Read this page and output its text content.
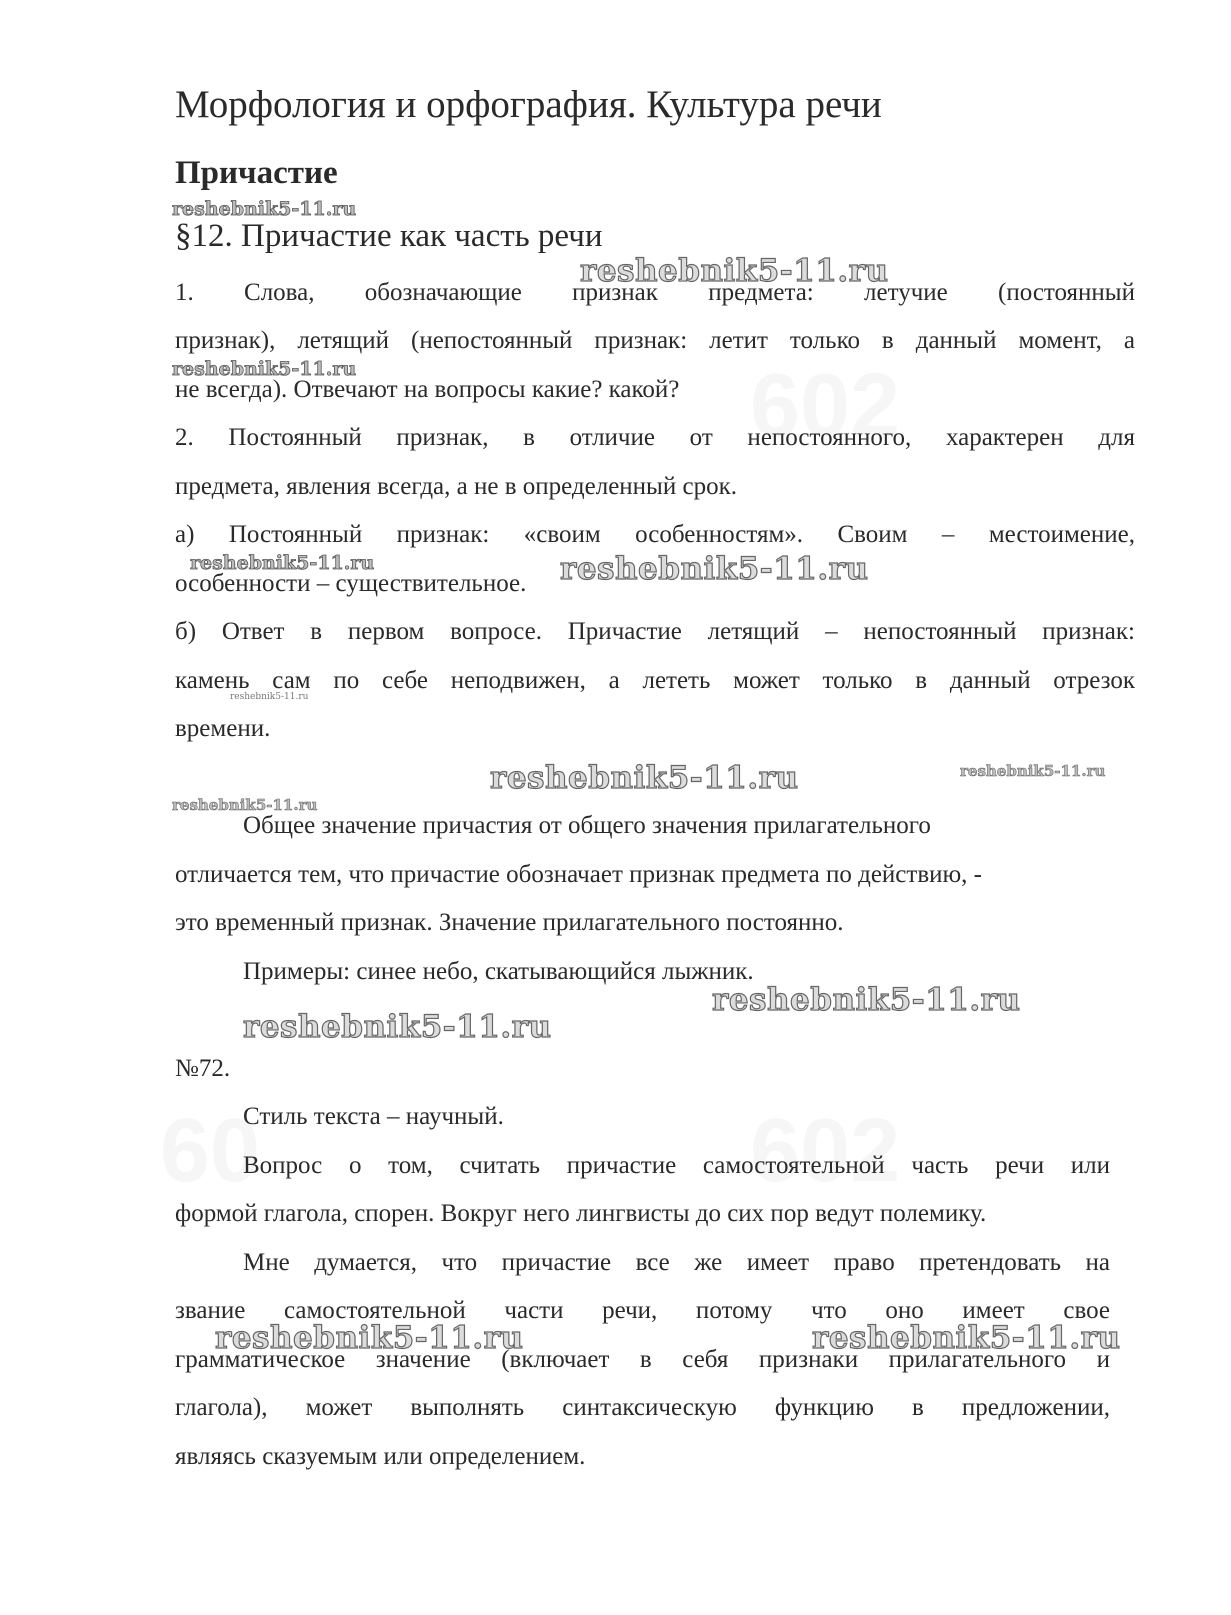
602
60	602
Морфология и орфография. Культура речи
Причастие
§12. Причастие как часть речи
1. Слова, обозначающие признак предмета: летучие (постоянный
признак), летящий (непостоянный признак: летит только в данный момент, а
не всегда). Отвечают на вопросы какие? какой?
2. Постоянный признак, в отличие от непостоянного, характерен для
предмета, явления всегда, а не в определенный срок.
а) Постоянный признак: «своим особенностям». Своим – местоимение,
особенности – существительное.
б) Ответ в первом вопросе. Причастие летящий – непостоянный признак:
камень сам по себе неподвижен, а лететь может только в данный отрезок
времени.
Общее значение причастия от общего значения прилагательного
отличается тем, что причастие обозначает признак предмета по действию, -
это временный признак. Значение прилагательного постоянно.
Примеры: синее небо, скатывающийся лыжник.
№72.
Стиль текста – научный.
Вопрос о том, считать причастие самостоятельной часть речи или
формой глагола, спорен. Вокруг него лингвисты до сих пор ведут полемику.
Мне думается, что причастие все же имеет право претендовать на
звание самостоятельной части речи, потому что оно имеет свое
грамматическое значение (включает в себя признаки прилагательного и
глагола), может выполнять синтаксическую функцию в предложении,
являясь сказуемым или определением.
reshebnik5-11.ru
reshebnik5-11.ru
reshebnik5-11.ru
reshebnik5-11.ru	reshebnik5-11.ru
reshebnik5-11.ru
reshebnik5-11.ru	reshebnik5-11.ru
reshebnik5-11.ru
reshebnik5-11.ru
reshebnik5-11.ru
reshebnik5-11.ru	reshebnik5-11.ru
